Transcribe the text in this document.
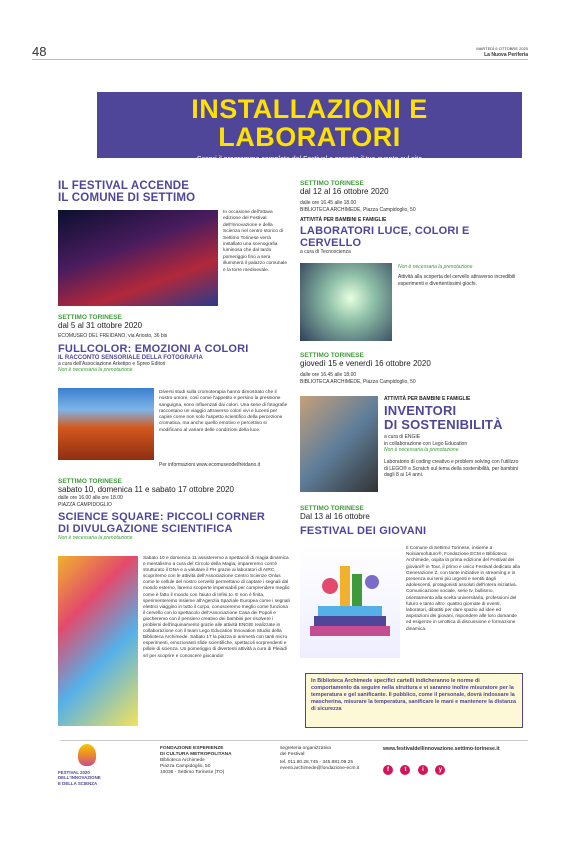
48	MARTEDÌ 6 OTTOBRE 2020
La Nuova Periferia
INSTALLAZIONI E LABORATORI
Scopri il programma completo del Festival e prenota il tuo evento sul sito
www.festivaldellinnovazione.settimo-torinese.it
IL FESTIVAL ACCENDE
IL COMUNE DI SETTIMO
In occasione dell'ottava edizione del Festival dell'Innovazione e della Scienza nel centro storico di Settimo Torinese verrà installato una scenografia luminosa che dal tardo pomeriggio fino a sera illuminerà il palazzo comunale e la torre medioevale.
SETTIMO TORINESE
dal 5 al 31 ottobre 2020
ECOMUSEO DEL FREIDANO, via Ariosto, 36 bis
FULLCOLOR: EMOZIONI A COLORI
IL RACCONTO SENSORIALE DELLA FOTOGRAFIA
a cura dell'Associazione Arketipo e Spreo Editori
Non è necessaria la prenotazione
Diversi studi sulla cromoterapia hanno dimostrato che il nostro umore, così come l'appetito e persino la pressione sanguigna, sono influenzati dai colori. Una serie di fotografie raccontano un viaggio attraverso colori vivi e lucenti per capire come non solo l'aspetto scientifico della percezione cromatica, ma anche quello emotivo e percettivo si modificano al variare delle condizioni della luce.
Per informazioni www.ecomuseodelfreidano.it
SETTIMO TORINESE
sabato 10, domenica 11 e sabato 17 ottobre 2020
dalle ore 16.00 alle ore 18.00
PIAZZA CAMPIDOGLIO
SCIENCE SQUARE: PICCOLI CORNER
DI DIVULGAZIONE SCIENTIFICA
Non è necessaria la prenotazione
Sabato 10 e domenica 11 assisteremo a spettacoli di magia dinamica e mentalismo a cura del Circolo della Magia, impareremo com'è strutturato il DNA e a valutare il PH grazie ai laboratori di AIRC, scopriremo con le attività dell'Associazione Centro Scienze Onlus come le cellule del nostro cervello permettano di captare i segnali dal mondo esterno, faremo scoperte impensabili per comprendere meglio come è fatto il mondo con l'aiuto di Infini.to. E non è finita, sperimenteremo insieme all'Agenzia Spaziale Europea come i segnali elettrici viaggino in tutto il corpo, conosceremo meglio come funziona il cervello con lo spettacolo dell'Associazione Casa dei Popoli e giocheremo con il pensiero creativo dei bambini per risolvere i problemi dell'inquinamento grazie alle attività ENGIE realizzate in collaborazione con il team Lego Education Innovation Studio della Biblioteca Archimede. Sabato 17 la piazza si animerà con tanti micro esperimenti, emozionanti sfide scientifiche, spettacoli sorprendenti e pillole di scienza. Un pomeriggio di divertenti attività a cura di Pleiadi srl per scoprire e conoscere giocando!
SETTIMO TORINESE
dal 12 al 16 ottobre 2020
dalle ore 16.45 alle 18.00
BIBLIOTECA ARCHIMEDE, Piazza Campidoglio, 50
ATTIVITÀ PER BAMBINI E FAMIGLIE
LABORATORI LUCE, COLORI E CERVELLO
a cura di Tecnoscienza
Non è necessaria la prenotazione
Attività alla scoperta del cervello attraverso incredibili esperimenti e divertentissimi giochi.
SETTIMO TORINESE
giovedì 15 e venerdì 16 ottobre 2020
dalle ore 16.45 alle 18.00
BIBLIOTECA ARCHIMEDE, Piazza Campidoglio, 50
ATTIVITÀ PER BAMBINI E FAMIGLIE
INVENTORI
DI SOSTENIBILITÀ
a cura di ENGIE
in collaborazione con Lego Education
Non è necessaria la prenotazione
Laboratorio di coding creativo e problem solving con l'utilizzo di LEGO® e Scratch sul tema della sostenibilità, per bambini dagli 8 ai 14 anni.
SETTIMO TORINESE
Dal 13 al 16 ottobre
FESTIVAL DEI GIOVANI
Il Comune di Settimo Torinese, insieme a Noisiamofuturo®, Fondazione ECM e Biblioteca Archimede, ospita la prima edizione del Festival dei giovani® in Tour, il primo e unico Festival dedicato alla Generazione Z, con tante iniziative in streaming e in presenza sui temi più urgenti e sentiti dagli adolescenti, protagonisti assoluti dell'intera iniziativa. Comunicazione sociale, serie tv, bullismo, orientamento alla scelta universitaria, professioni del futuro e tanto altro: quattro giornate di eventi, laboratori, dibattiti per dare spazio ad idee ed aspirazioni dei giovani, rispondere alle loro domande ed esigenze in un'ottica di discussione e formazione dinamica.
In Biblioteca Archimede specifici cartelli indicheranno le norme di comportamento da seguire nella struttura e vi saranno inoltre misuratore per la temperatura e gel sanificante. Il pubblico, come il personale, dovrà indossare la mascherina, misurare la temperatura, sanificare le mani e mantenere la distanza di sicurezza
FESTIVAL 2020
DELL'INNOVAZIONE
E DELLA SCIENZA
FONDAZIONE ESPERIENZE
DI CULTURA METROPOLITANA
Biblioteca Archimede
Piazza Campidoglio, 50
10036 - Settimo Torinese (TO)
segreteria organizzativa
del Festival:
tel. 011.80.28.745 - 345.881.09.25
eventi.archimede@fondazione-ecm.it
www.festivaldellinnovazione.settimo-torinese.it
f	t	i y
